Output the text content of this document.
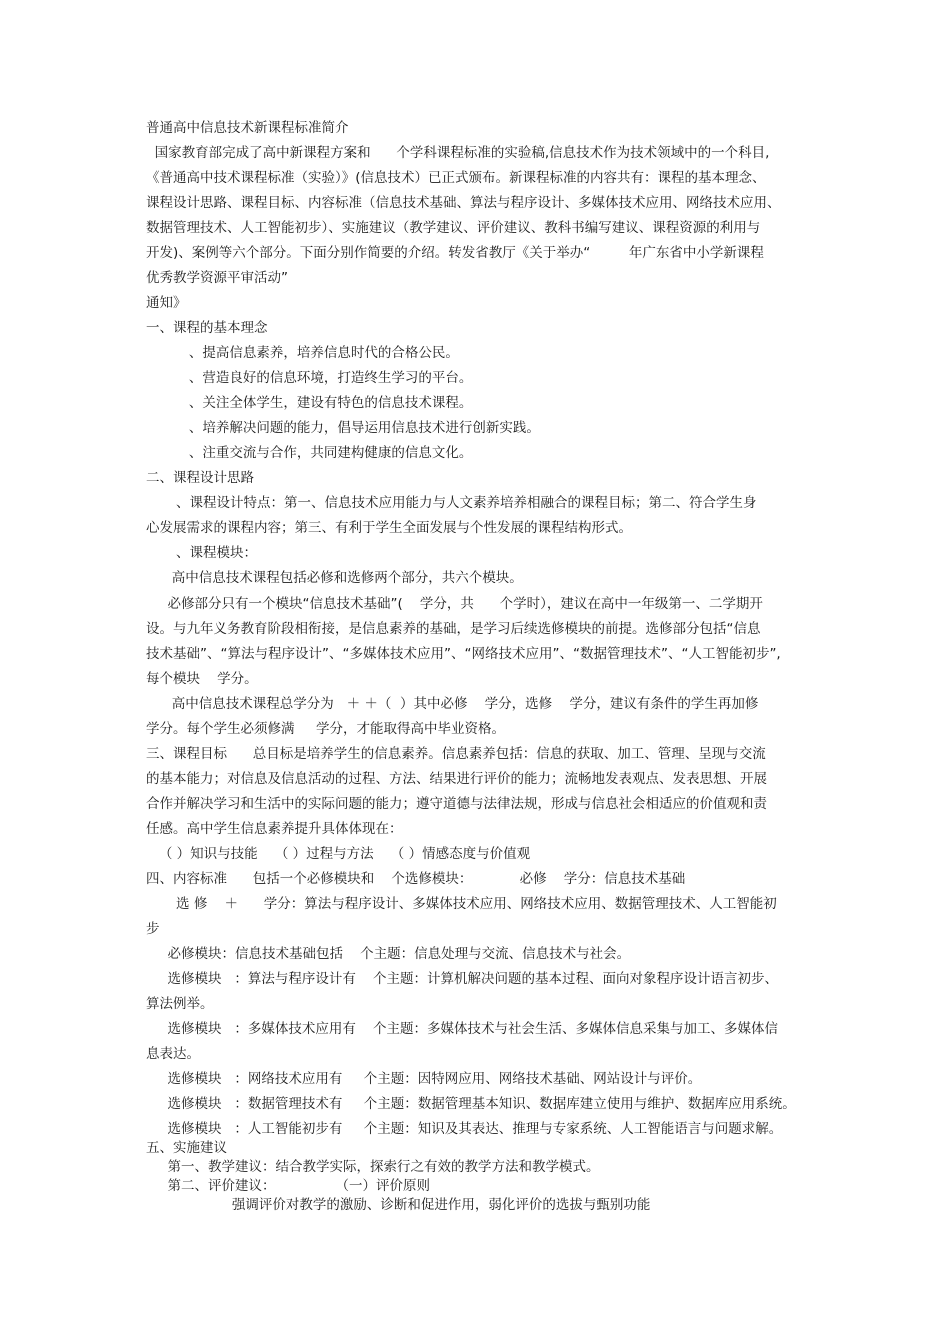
普通高中信息技术新课程标准简介
国家教育部完成了高中新课程方案和      个学科课程标准的实验稿,信息技术作为技术领域中的一个科目,
《普通高中技术课程标准（实验）》(信息技术）已正式颁布。新课程标准的内容共有：课程的基本理念、
课程设计思路、课程目标、内容标准（信息技术基础、算法与程序设计、多媒体技术应用、网络技术应用、
数据管理技术、人工智能初步）、实施建议（教学建议、评价建议、教科书编写建议、课程资源的利用与
开发)、案例等六个部分。下面分别作简要的介绍。转发省教厅《关于举办“         年广东省中小学新课程
优秀教学资源平审活动”
通知》
一、课程的基本理念
、提高信息素养，培养信息时代的合格公民。
、营造良好的信息环境，打造终生学习的平台。
、关注全体学生，建设有特色的信息技术课程。
、培养解决问题的能力，倡导运用信息技术进行创新实践。
、注重交流与合作，共同建构健康的信息文化。
二、课程设计思路
、课程设计特点：第一、信息技术应用能力与人文素养培养相融合的课程目标；第二、符合学生身
心发展需求的课程内容；第三、有利于学生全面发展与个性发展的课程结构形式。
、课程模块：
高中信息技术课程包括必修和选修两个部分，共六个模块。
必修部分只有一个模块“信息技术基础”(    学分，共      个学时），建议在高中一年级第一、二学期开
设。与九年义务教育阶段相衔接，是信息素养的基础，是学习后续选修模块的前提。选修部分包括“信息
技术基础”、“算法与程序设计”、“多媒体技术应用”、“网络技术应用”、“数据管理技术”、“人工智能初步”,
每个模块    学分。
高中信息技术课程总学分为   ＋ ＋（  ）其中必修    学分，选修    学分，建议有条件的学生再加修
学分。每个学生必须修满     学分，才能取得高中毕业资格。
三、课程目标      总目标是培养学生的信息素养。信息素养包括：信息的获取、加工、管理、呈现与交流
的基本能力；对信息及信息活动的过程、方法、结果进行评价的能力；流畅地发表观点、发表思想、开展
合作并解决学习和生活中的实际问题的能力；遵守道德与法律法规，形成与信息社会相适应的价值观和责
任感。高中学生信息素养提升具体体现在：
（ ）知识与技能    （ ）过程与方法    （ ）情感态度与价值观
四、内容标准      包括一个必修模块和    个选修模块：           必修    学分：信息技术基础
选 修    ＋      学分：算法与程序设计、多媒体技术应用、网络技术应用、数据管理技术、人工智能初
步
必修模块：信息技术基础包括    个主题：信息处理与交流、信息技术与社会。
选修模块   ：算法与程序设计有    个主题：计算机解决问题的基本过程、面向对象程序设计语言初步、
算法例举。
选修模块   ：多媒体技术应用有    个主题：多媒体技术与社会生活、多媒体信息采集与加工、多媒体信
息表达。
选修模块   ：网络技术应用有     个主题：因特网应用、网络技术基础、网站设计与评价。
选修模块   ：数据管理技术有     个主题：数据管理基本知识、数据库建立使用与维护、数据库应用系统。
选修模块   ：人工智能初步有     个主题：知识及其表达、推理与专家系统、人工智能语言与问题求解。
五、实施建议
第一、教学建议：结合教学实际，探索行之有效的教学方法和教学模式。
第二、评价建议：              （一）评价原则
强调评价对教学的激励、诊断和促进作用，弱化评价的选拔与甄别功能
